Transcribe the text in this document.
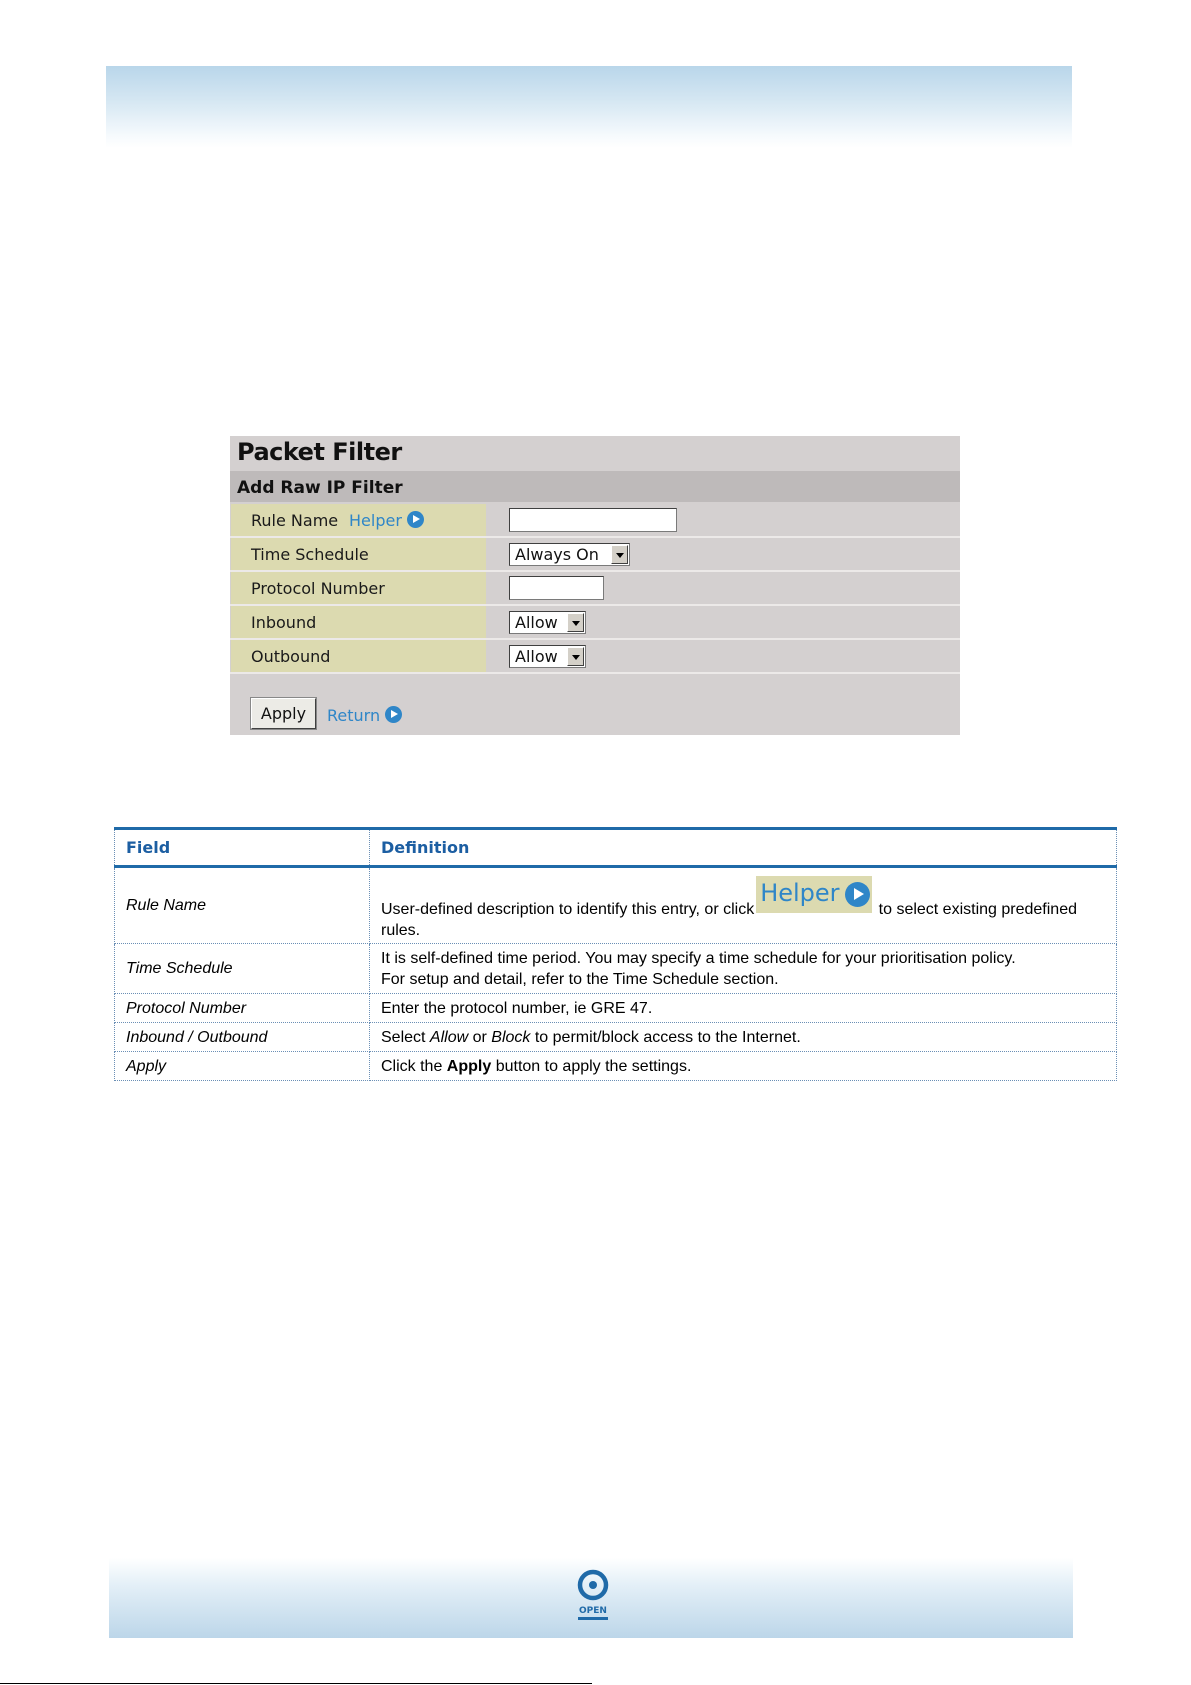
Packet Filter
Add Raw IP Filter
Rule Name Helper
Time Schedule	Always On
Protocol Number
Inbound	Allow
Outbound	Allow
Apply	Return
Field	Definition
Rule Name	User-defined description to identify this entry, or click
Helper
to select existing predefined rules.
Time Schedule	It is self-defined time period. You may specify a time schedule for your prioritisation policy.
For setup and detail, refer to the Time Schedule section.
Protocol Number	Enter the protocol number, ie GRE 47.
Inbound / Outbound	Select Allow or Block to permit/block access to the Internet.
Apply	Click the Apply button to apply the settings.
OPEN
